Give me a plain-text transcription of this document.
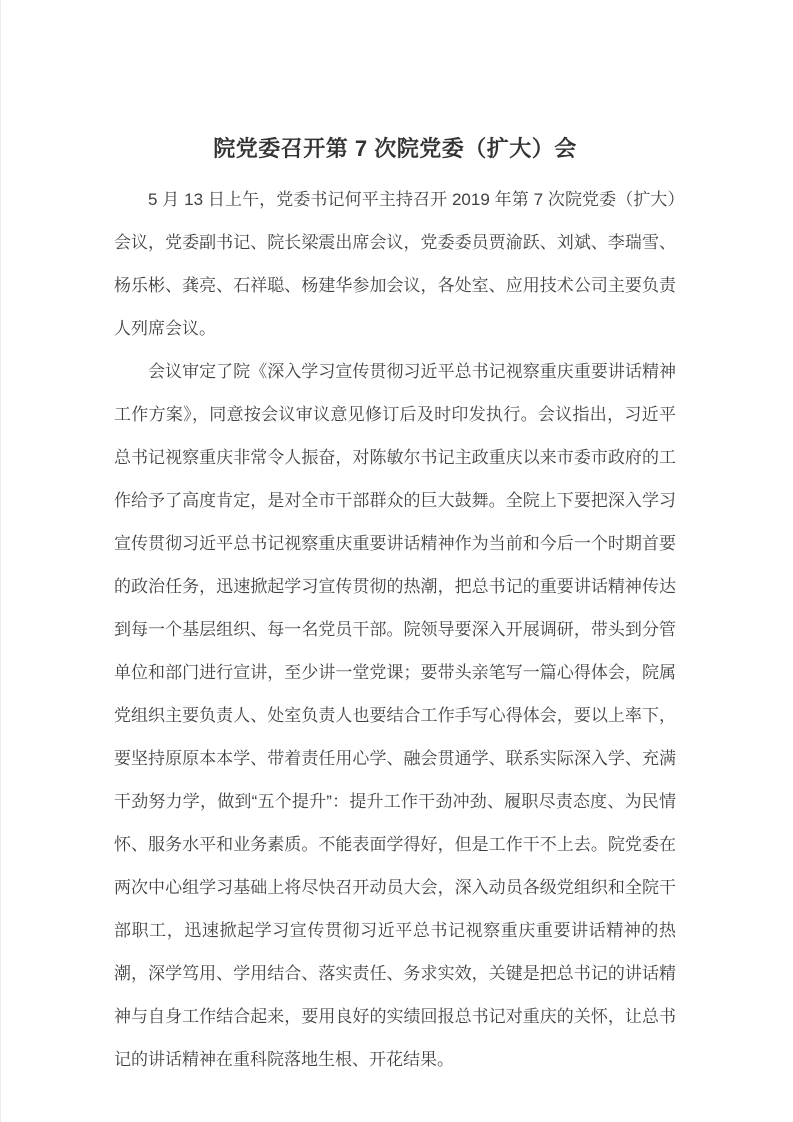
院党委召开第 7 次院党委（扩大）会

5 月 13 日上午，党委书记何平主持召开 2019 年第 7 次院党委（扩大）会议，党委副书记、院长梁震出席会议，党委委员贾渝跃、刘斌、李瑞雪、杨乐彬、龚亮、石祥聪、杨建华参加会议，各处室、应用技术公司主要负责人列席会议。

会议审定了院《深入学习宣传贯彻习近平总书记视察重庆重要讲话精神工作方案》，同意按会议审议意见修订后及时印发执行。会议指出，习近平总书记视察重庆非常令人振奋，对陈敏尔书记主政重庆以来市委市政府的工作给予了高度肯定，是对全市干部群众的巨大鼓舞。全院上下要把深入学习宣传贯彻习近平总书记视察重庆重要讲话精神作为当前和今后一个时期首要的政治任务，迅速掀起学习宣传贯彻的热潮，把总书记的重要讲话精神传达到每一个基层组织、每一名党员干部。院领导要深入开展调研，带头到分管单位和部门进行宣讲，至少讲一堂党课；要带头亲笔写一篇心得体会，院属党组织主要负责人、处室负责人也要结合工作手写心得体会，要以上率下，要坚持原原本本学、带着责任用心学、融会贯通学、联系实际深入学、充满干劲努力学，做到“五个提升”：提升工作干劲冲劲、履职尽责态度、为民情怀、服务水平和业务素质。不能表面学得好，但是工作干不上去。院党委在两次中心组学习基础上将尽快召开动员大会，深入动员各级党组织和全院干部职工，迅速掀起学习宣传贯彻习近平总书记视察重庆重要讲话精神的热潮，深学笃用、学用结合、落实责任、务求实效，关键是把总书记的讲话精神与自身工作结合起来，要用良好的实绩回报总书记对重庆的关怀，让总书记的讲话精神在重科院落地生根、开花结果。
